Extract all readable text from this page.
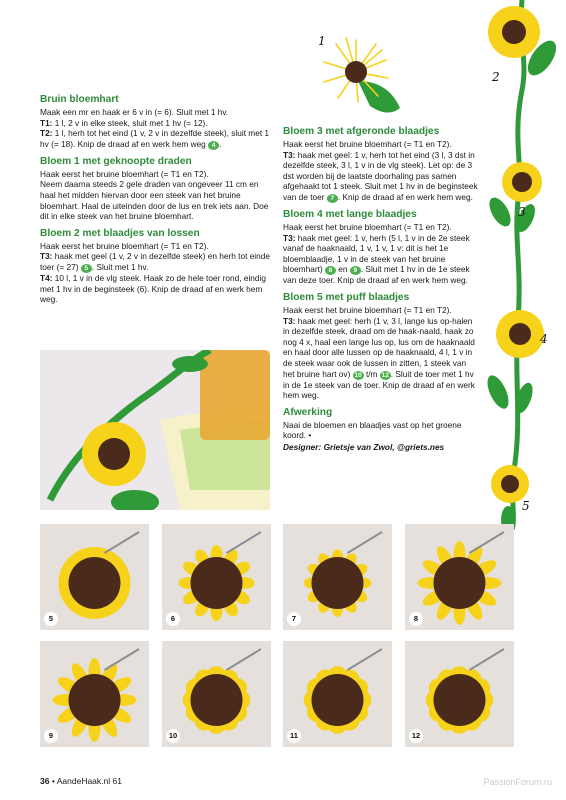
Bruin bloemhart

Maak een mr en haak er 6 v in (= 6). Sluit met 1 hv.

T1: 1 l, 2 v in elke steek, sluit met 1 hv (= 12).

T2: 1 l, herh tot het eind (1 v, 2 v in dezelfde steek), sluit met 1 hv (= 18). Knip de draad af en werk hem weg 4 .

Bloem 1 met geknoopte draden

Haak eerst het bruine bloemhart (= T1 en T2).

Neem daarna steeds 2 gele draden van ongeveer 11 cm en haal het midden hiervan door een steek van het bruine bloemhart. Haal de uiteinden door de lus en trek iets aan. Doe dit in elke steek van het bruine bloemhart.

Bloem 2 met blaadjes van lossen

Haak eerst het bruine bloemhart (= T1 en T2).

T3: haak met geel (1 v, 2 v in dezelfde steek) en herh tot einde toer (= 27) 5 . Sluit met 1 hv.

T4: 10 l, 1 v in de vlg steek. Haak zo de hele toer rond, eindig met 1 hv in de beginsteek (6). Knip de draad af en werk hem weg.

Bloem 3 met afgeronde blaadjes

Haak eerst het bruine bloemhart (= T1 en T2).

T3: haak met geel: 1 v, herh tot het eind (3 l, 3 dst in dezelfde steek, 3 l, 1 v in de vlg steek). Let op: de 3 dst worden bij de laatste doorhaling pas samen afgehaakt tot 1 steek. Sluit met 1 hv in de beginsteek van de toer 7 . Knip de draad af en werk hem weg.

Bloem 4 met lange blaadjes

Haak eerst het bruine bloemhart (= T1 en T2).

T3: haak met geel: 1 v, herh (5 l, 1 v in de 2e steek vanaf de haaknaald, 1 v, 1 v, 1 v: dit is het 1e bloemblaadje, 1 v in de steek van het bruine bloemhart) 8 en 9 . Sluit met 1 hv in de 1e steek van deze toer. Knip de draad af en werk hem weg.

Bloem 5 met puff blaadjes

Haak eerst het bruine bloemhart (= T1 en T2).

T3: haak met geel: herh (1 v, 3 l, lange lus op-halen in dezelfde steek, draad om de haak-naald, haak zo nog 4 x, haal een lange lus op, lus om de haaknaald en haal door alle lussen op de haaknaald, 4 l, 1 v in de steek waar ook de lussen in zitten, 1 steek van het bruine hart ov) 10 t/m 12 . Sluit de toer met 1 hv in de 1e steek van de toer. Knip de draad af en werk hem weg.

Afwerking

Naai de bloemen en blaadjes vast op het groene koord. •

Designer: Grietsje van Zwol, @griets.nes

1
2
3
4
5
5	6	7	8
9	10	11	12
36 • AandeHaak.nl 61	PassionForum.ru
